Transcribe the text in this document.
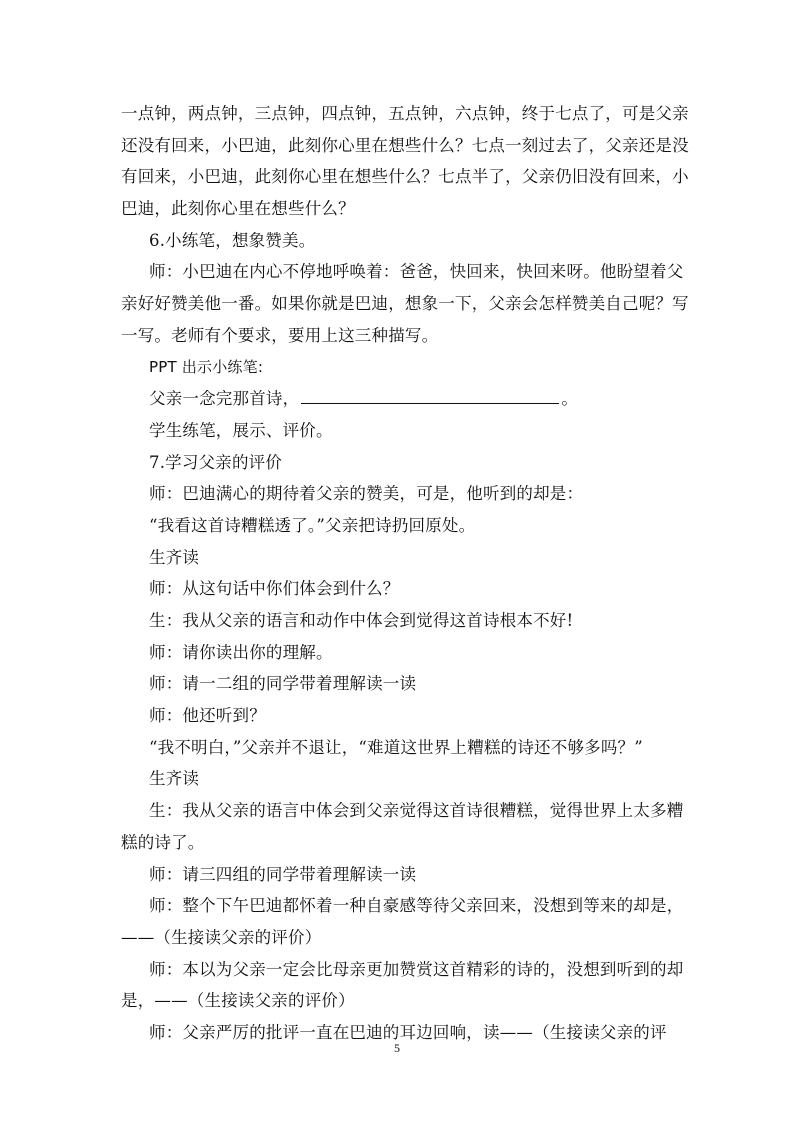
一点钟，两点钟，三点钟，四点钟，五点钟，六点钟，终于七点了，可是父亲
还没有回来，小巴迪，此刻你心里在想些什么？七点一刻过去了，父亲还是没
有回来，小巴迪，此刻你心里在想些什么？七点半了，父亲仍旧没有回来，小
巴迪，此刻你心里在想些什么？
6.小练笔，想象赞美。
师：小巴迪在内心不停地呼唤着：爸爸，快回来，快回来呀。他盼望着父
亲好好赞美他一番。如果你就是巴迪，想象一下，父亲会怎样赞美自己呢？写
一写。老师有个要求，要用上这三种描写。
PPT 出示小练笔:
父亲一念完那首诗，	。
学生练笔，展示、评价。
7.学习父亲的评价
师：巴迪满心的期待着父亲的赞美，可是，他听到的却是：
“我看这首诗糟糕透了。”父亲把诗扔回原处。
生齐读
师：从这句话中你们体会到什么？
生：我从父亲的语言和动作中体会到觉得这首诗根本不好!
师：请你读出你的理解。
师：请一二组的同学带着理解读一读
师：他还听到？
“我不明白，”父亲并不退让，“难道这世界上糟糕的诗还不够多吗？”
生齐读
生：我从父亲的语言中体会到父亲觉得这首诗很糟糕，觉得世界上太多糟
糕的诗了。
师：请三四组的同学带着理解读一读
师：整个下午巴迪都怀着一种自豪感等待父亲回来，没想到等来的却是，
——（生接读父亲的评价）
师：本以为父亲一定会比母亲更加赞赏这首精彩的诗的，没想到听到的却
是，——（生接读父亲的评价）
师：父亲严厉的批评一直在巴迪的耳边回响，读——（生接读父亲的评
5
